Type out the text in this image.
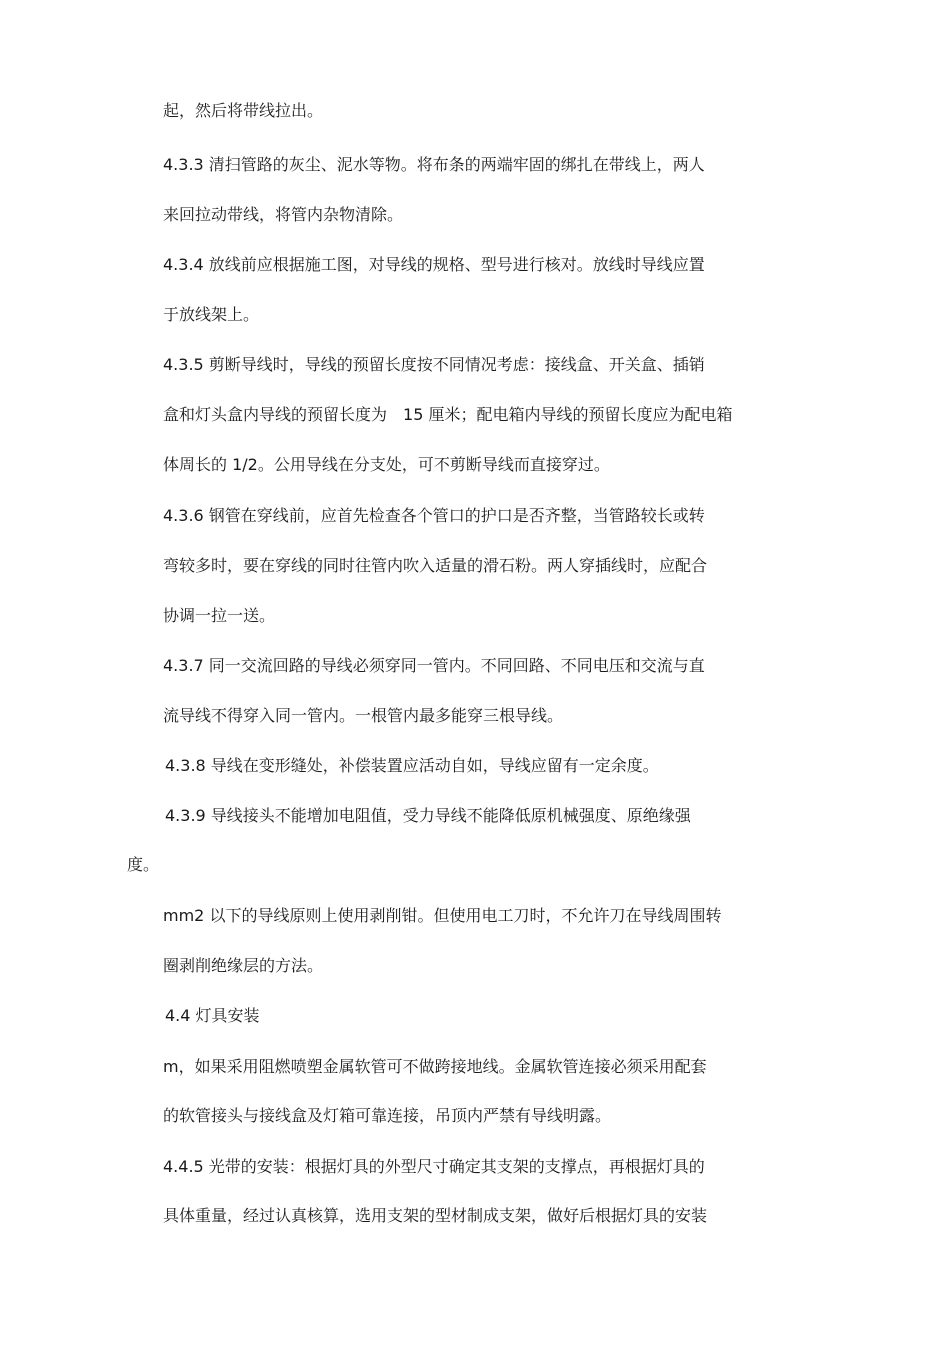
起，然后将带线拉出。
4.3.3 清扫管路的灰尘、泥水等物。将布条的两端牢固的绑扎在带线上，两人
来回拉动带线，将管内杂物清除。
4.3.4 放线前应根据施工图，对导线的规格、型号进行核对。放线时导线应置
于放线架上。
4.3.5 剪断导线时，导线的预留长度按不同情况考虑：接线盒、开关盒、插销
盒和灯头盒内导线的预留长度为 15 厘米；配电箱内导线的预留长度应为配电箱
体周长的 1/2。公用导线在分支处，可不剪断导线而直接穿过。
4.3.6 钢管在穿线前，应首先检查各个管口的护口是否齐整，当管路较长或转
弯较多时，要在穿线的同时往管内吹入适量的滑石粉。两人穿插线时，应配合
协调一拉一送。
4.3.7 同一交流回路的导线必须穿同一管内。不同回路、不同电压和交流与直
流导线不得穿入同一管内。一根管内最多能穿三根导线。
4.3.8 导线在变形缝处，补偿装置应活动自如，导线应留有一定余度。
4.3.9 导线接头不能增加电阻值，受力导线不能降低原机械强度、原绝缘强
度。
mm2 以下的导线原则上使用剥削钳。但使用电工刀时，不允许刀在导线周围转
圈剥削绝缘层的方法。
4.4 灯具安装
m，如果采用阻燃喷塑金属软管可不做跨接地线。金属软管连接必须采用配套
的软管接头与接线盒及灯箱可靠连接，吊顶内严禁有导线明露。
4.4.5 光带的安装：根据灯具的外型尺寸确定其支架的支撑点，再根据灯具的
具体重量，经过认真核算，选用支架的型材制成支架，做好后根据灯具的安装
